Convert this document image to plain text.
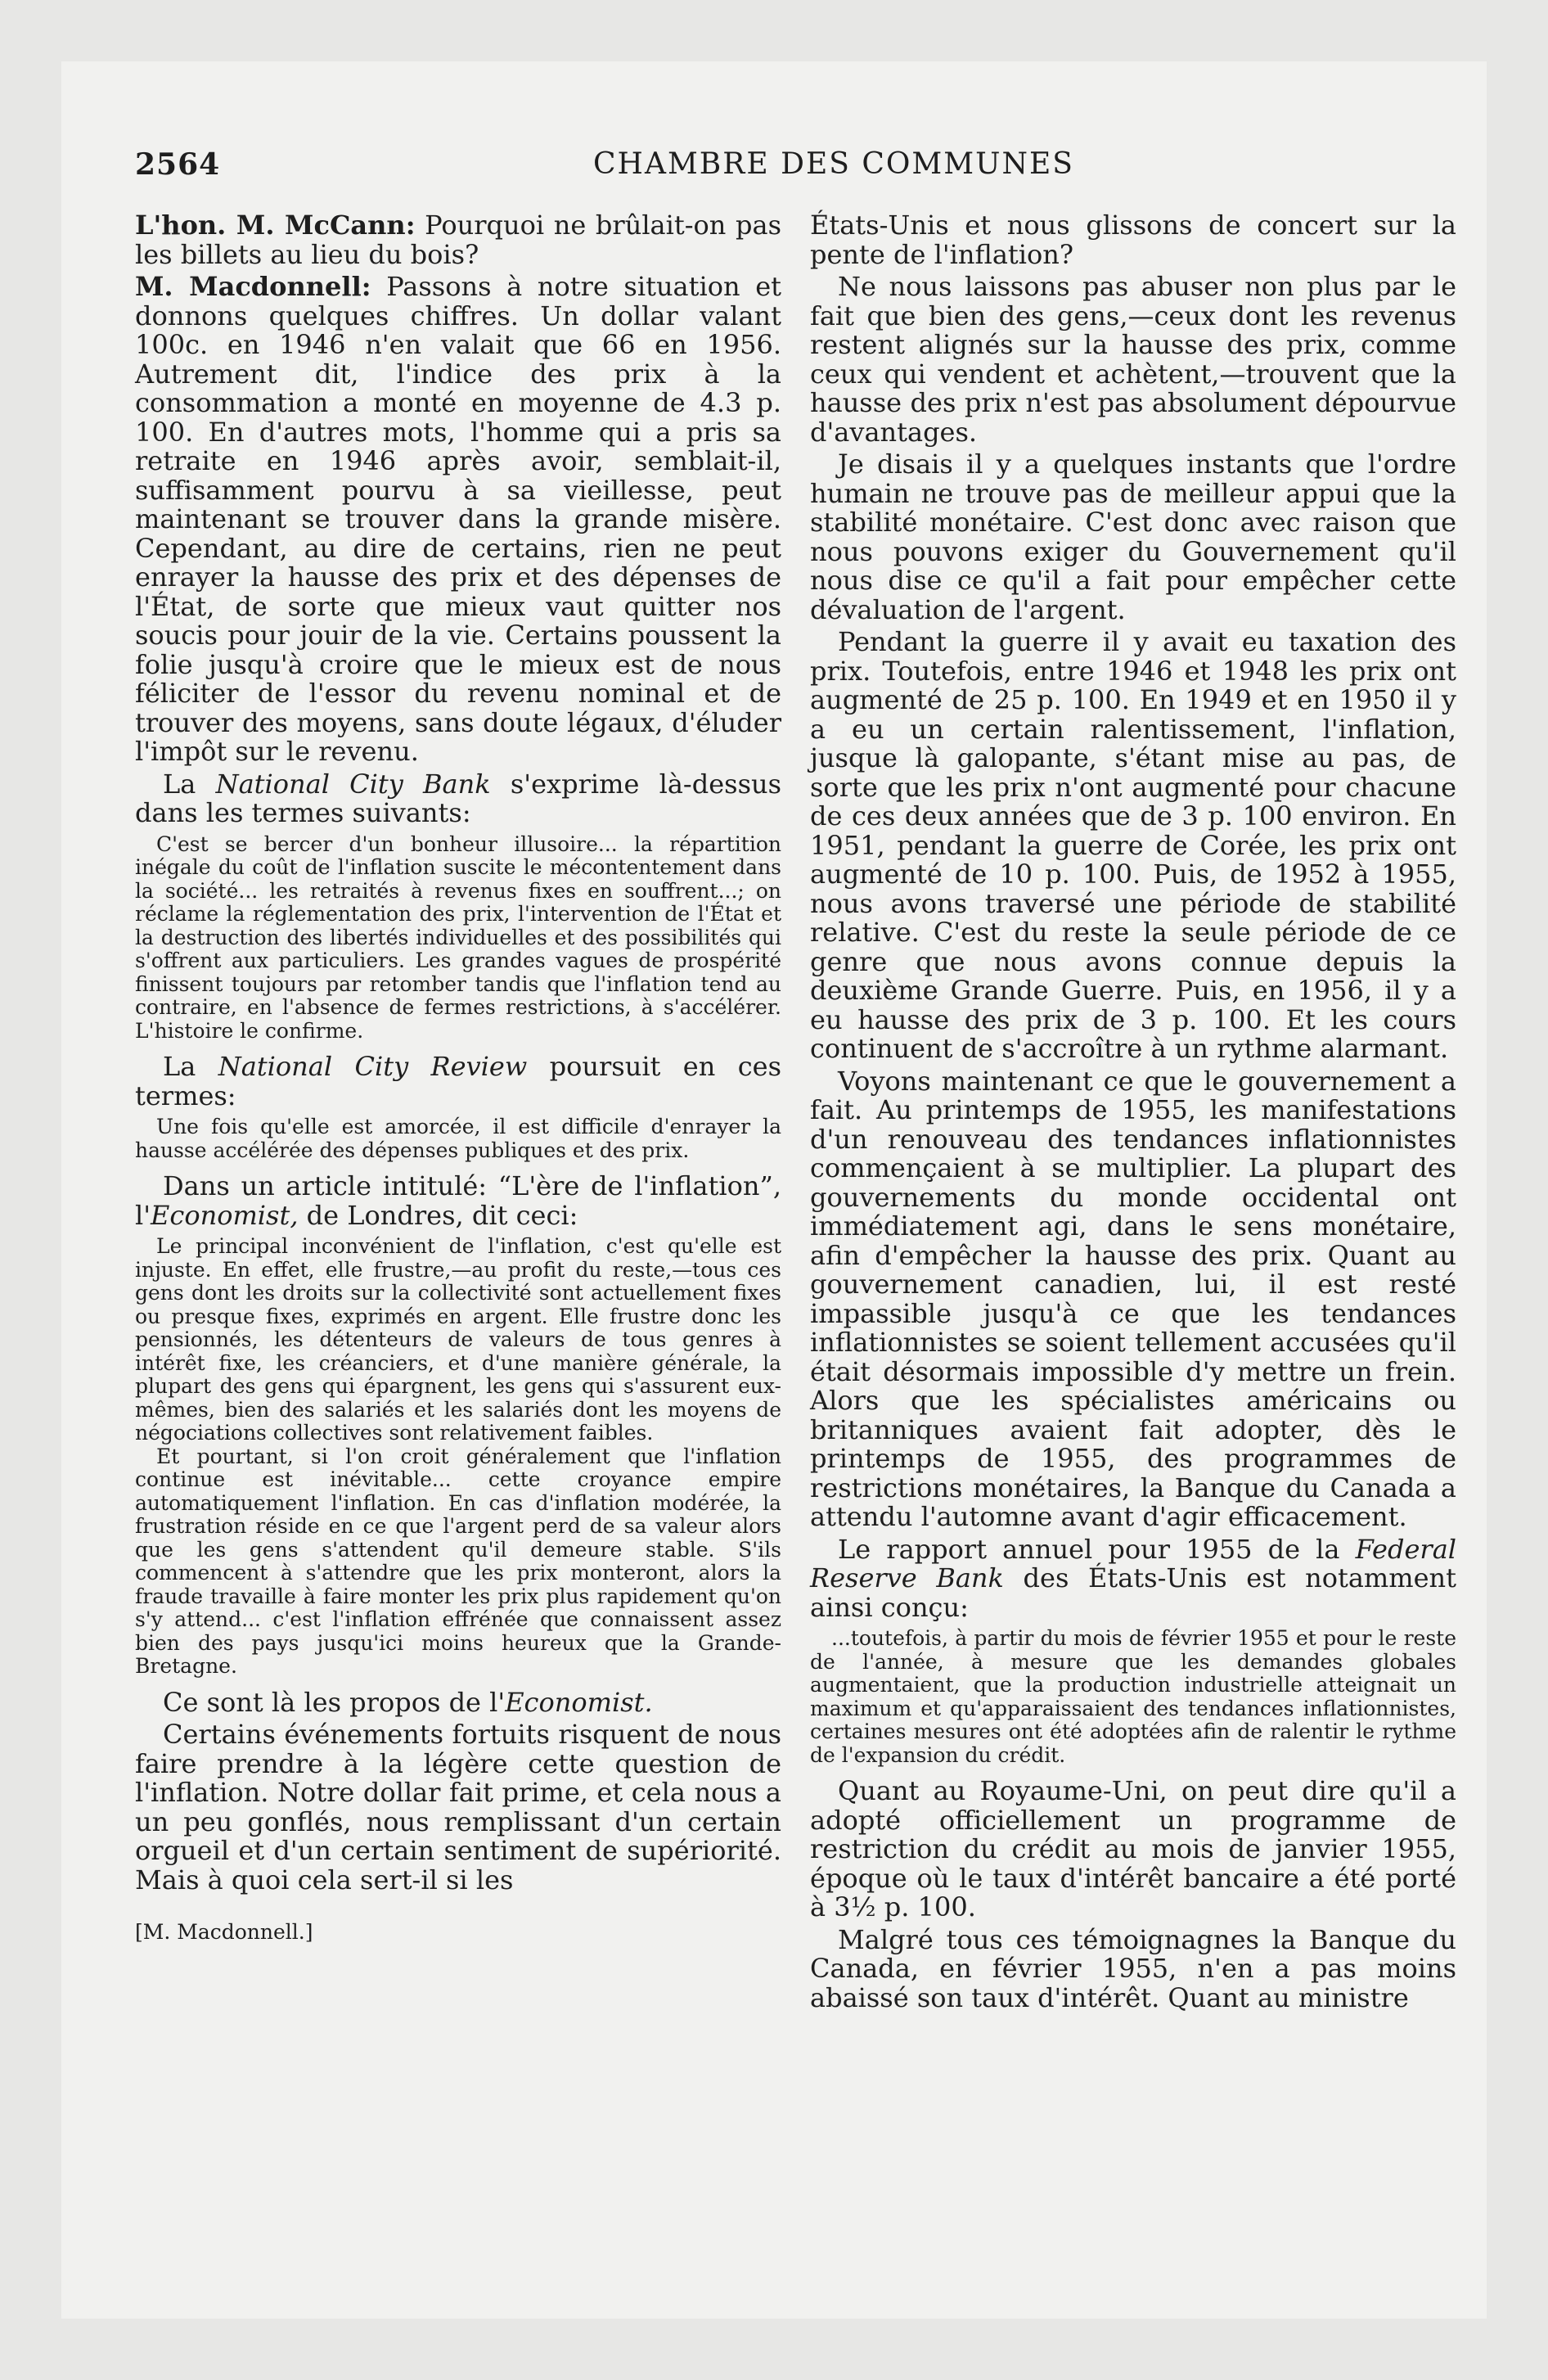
2564	CHAMBRE DES COMMUNES

L'hon. M. McCann: Pourquoi ne brûlait-on pas les billets au lieu du bois?

M. Macdonnell: Passons à notre situation et donnons quelques chiffres. Un dollar valant 100c. en 1946 n'en valait que 66 en 1956. Autrement dit, l'indice des prix à la consommation a monté en moyenne de 4.3 p. 100. En d'autres mots, l'homme qui a pris sa retraite en 1946 après avoir, semblait-il, suffisamment pourvu à sa vieillesse, peut maintenant se trouver dans la grande misère. Cependant, au dire de certains, rien ne peut enrayer la hausse des prix et des dépenses de l'État, de sorte que mieux vaut quitter nos soucis pour jouir de la vie. Certains poussent la folie jusqu'à croire que le mieux est de nous féliciter de l'essor du revenu nominal et de trouver des moyens, sans doute légaux, d'éluder l'impôt sur le revenu.

La National City Bank s'exprime là-dessus dans les termes suivants:

C'est se bercer d'un bonheur illusoire... la répartition inégale du coût de l'inflation suscite le mécontentement dans la société... les retraités à revenus fixes en souffrent...; on réclame la réglementation des prix, l'intervention de l'État et la destruction des libertés individuelles et des possibilités qui s'offrent aux particuliers. Les grandes vagues de prospérité finissent toujours par retomber tandis que l'inflation tend au contraire, en l'absence de fermes restrictions, à s'accélérer. L'histoire le confirme.

La National City Review poursuit en ces termes:

Une fois qu'elle est amorcée, il est difficile d'enrayer la hausse accélérée des dépenses publiques et des prix.

Dans un article intitulé: “L'ère de l'inflation”, l'Economist, de Londres, dit ceci:

Le principal inconvénient de l'inflation, c'est qu'elle est injuste. En effet, elle frustre,—au profit du reste,—tous ces gens dont les droits sur la collectivité sont actuellement fixes ou presque fixes, exprimés en argent. Elle frustre donc les pensionnés, les détenteurs de valeurs de tous genres à intérêt fixe, les créanciers, et d'une manière générale, la plupart des gens qui épargnent, les gens qui s'assurent eux-mêmes, bien des salariés et les salariés dont les moyens de négociations collectives sont relativement faibles.

Et pourtant, si l'on croit généralement que l'inflation continue est inévitable... cette croyance empire automatiquement l'inflation. En cas d'inflation modérée, la frustration réside en ce que l'argent perd de sa valeur alors que les gens s'attendent qu'il demeure stable. S'ils commencent à s'attendre que les prix monteront, alors la fraude travaille à faire monter les prix plus rapidement qu'on s'y attend... c'est l'inflation effrénée que connaissent assez bien des pays jusqu'ici moins heureux que la Grande-Bretagne.

Ce sont là les propos de l'Economist.

Certains événements fortuits risquent de nous faire prendre à la légère cette question de l'inflation. Notre dollar fait prime, et cela nous a un peu gonflés, nous remplissant d'un certain orgueil et d'un certain sentiment de supériorité. Mais à quoi cela sert-il si les

[M. Macdonnell.]

États-Unis et nous glissons de concert sur la pente de l'inflation?

Ne nous laissons pas abuser non plus par le fait que bien des gens,—ceux dont les revenus restent alignés sur la hausse des prix, comme ceux qui vendent et achètent,—trouvent que la hausse des prix n'est pas absolument dépourvue d'avantages.

Je disais il y a quelques instants que l'ordre humain ne trouve pas de meilleur appui que la stabilité monétaire. C'est donc avec raison que nous pouvons exiger du Gouvernement qu'il nous dise ce qu'il a fait pour empêcher cette dévaluation de l'argent.

Pendant la guerre il y avait eu taxation des prix. Toutefois, entre 1946 et 1948 les prix ont augmenté de 25 p. 100. En 1949 et en 1950 il y a eu un certain ralentissement, l'inflation, jusque là galopante, s'étant mise au pas, de sorte que les prix n'ont augmenté pour chacune de ces deux années que de 3 p. 100 environ. En 1951, pendant la guerre de Corée, les prix ont augmenté de 10 p. 100. Puis, de 1952 à 1955, nous avons traversé une période de stabilité relative. C'est du reste la seule période de ce genre que nous avons connue depuis la deuxième Grande Guerre. Puis, en 1956, il y a eu hausse des prix de 3 p. 100. Et les cours continuent de s'accroître à un rythme alarmant.

Voyons maintenant ce que le gouvernement a fait. Au printemps de 1955, les manifestations d'un renouveau des tendances inflationnistes commençaient à se multiplier. La plupart des gouvernements du monde occidental ont immédiatement agi, dans le sens monétaire, afin d'empêcher la hausse des prix. Quant au gouvernement canadien, lui, il est resté impassible jusqu'à ce que les tendances inflationnistes se soient tellement accusées qu'il était désormais impossible d'y mettre un frein. Alors que les spécialistes américains ou britanniques avaient fait adopter, dès le printemps de 1955, des programmes de restrictions monétaires, la Banque du Canada a attendu l'automne avant d'agir efficacement.

Le rapport annuel pour 1955 de la Federal Reserve Bank des États-Unis est notamment ainsi conçu:

...toutefois, à partir du mois de février 1955 et pour le reste de l'année, à mesure que les demandes globales augmentaient, que la production industrielle atteignait un maximum et qu'apparaissaient des tendances inflationnistes, certaines mesures ont été adoptées afin de ralentir le rythme de l'expansion du crédit.

Quant au Royaume-Uni, on peut dire qu'il a adopté officiellement un programme de restriction du crédit au mois de janvier 1955, époque où le taux d'intérêt bancaire a été porté à 3½ p. 100.

Malgré tous ces témoignagnes la Banque du Canada, en février 1955, n'en a pas moins abaissé son taux d'intérêt. Quant au ministre
